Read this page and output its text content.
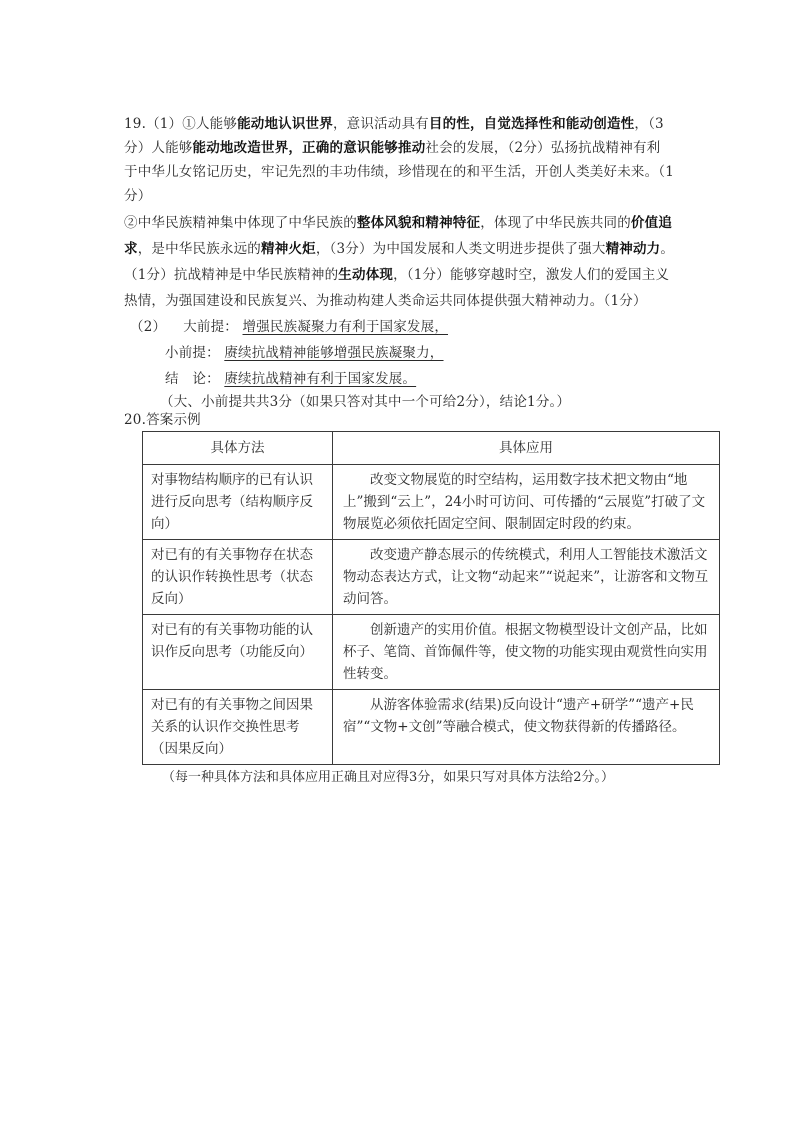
19.（1）①人能够能动地认识世界，意识活动具有目的性，自觉选择性和能动创造性，（3
分）人能够能动地改造世界，正确的意识能够推动社会的发展，（2分）弘扬抗战精神有利
于中华儿女铭记历史，牢记先烈的丰功伟绩，珍惜现在的和平生活，开创人类美好未来。（1
分）
②中华民族精神集中体现了中华民族的整体风貌和精神特征，体现了中华民族共同的价值追
求，是中华民族永远的精神火炬，（3分）为中国发展和人类文明进步提供了强大精神动力。
（1分）抗战精神是中华民族精神的生动体现，（1分）能够穿越时空，激发人们的爱国主义
热情，为强国建设和民族复兴、为推动构建人类命运共同体提供强大精神动力。（1分）
（2） 大前提： 增强民族凝聚力有利于国家发展，
小前提： 赓续抗战精神能够增强民族凝聚力，
结　论： 赓续抗战精神有利于国家发展。
（大、小前提共共3分（如果只答对其中一个可给2分），结论1分。）
20.答案示例
具体方法	具体应用
对事物结构顺序的已有认识进行反向思考（结构顺序反向）	改变文物展览的时空结构，运用数字技术把文物由“地上”搬到“云上”，24小时可访问、可传播的“云展览”打破了文物展览必须依托固定空间、限制固定时段的约束。
对已有的有关事物存在状态的认识作转换性思考（状态反向）	改变遗产静态展示的传统模式，利用人工智能技术激活文物动态表达方式，让文物“动起来”“说起来”，让游客和文物互动问答。
对已有的有关事物功能的认识作反向思考（功能反向）	创新遗产的实用价值。根据文物模型设计文创产品，比如杯子、笔筒、首饰佩件等，使文物的功能实现由观赏性向实用性转变。
对已有的有关事物之间因果关系的认识作交换性思考（因果反向）	从游客体验需求(结果)反向设计“遗产+研学”“遗产+民宿”“文物+文创”等融合模式，使文物获得新的传播路径。
（每一种具体方法和具体应用正确且对应得3分，如果只写对具体方法给2分。）
